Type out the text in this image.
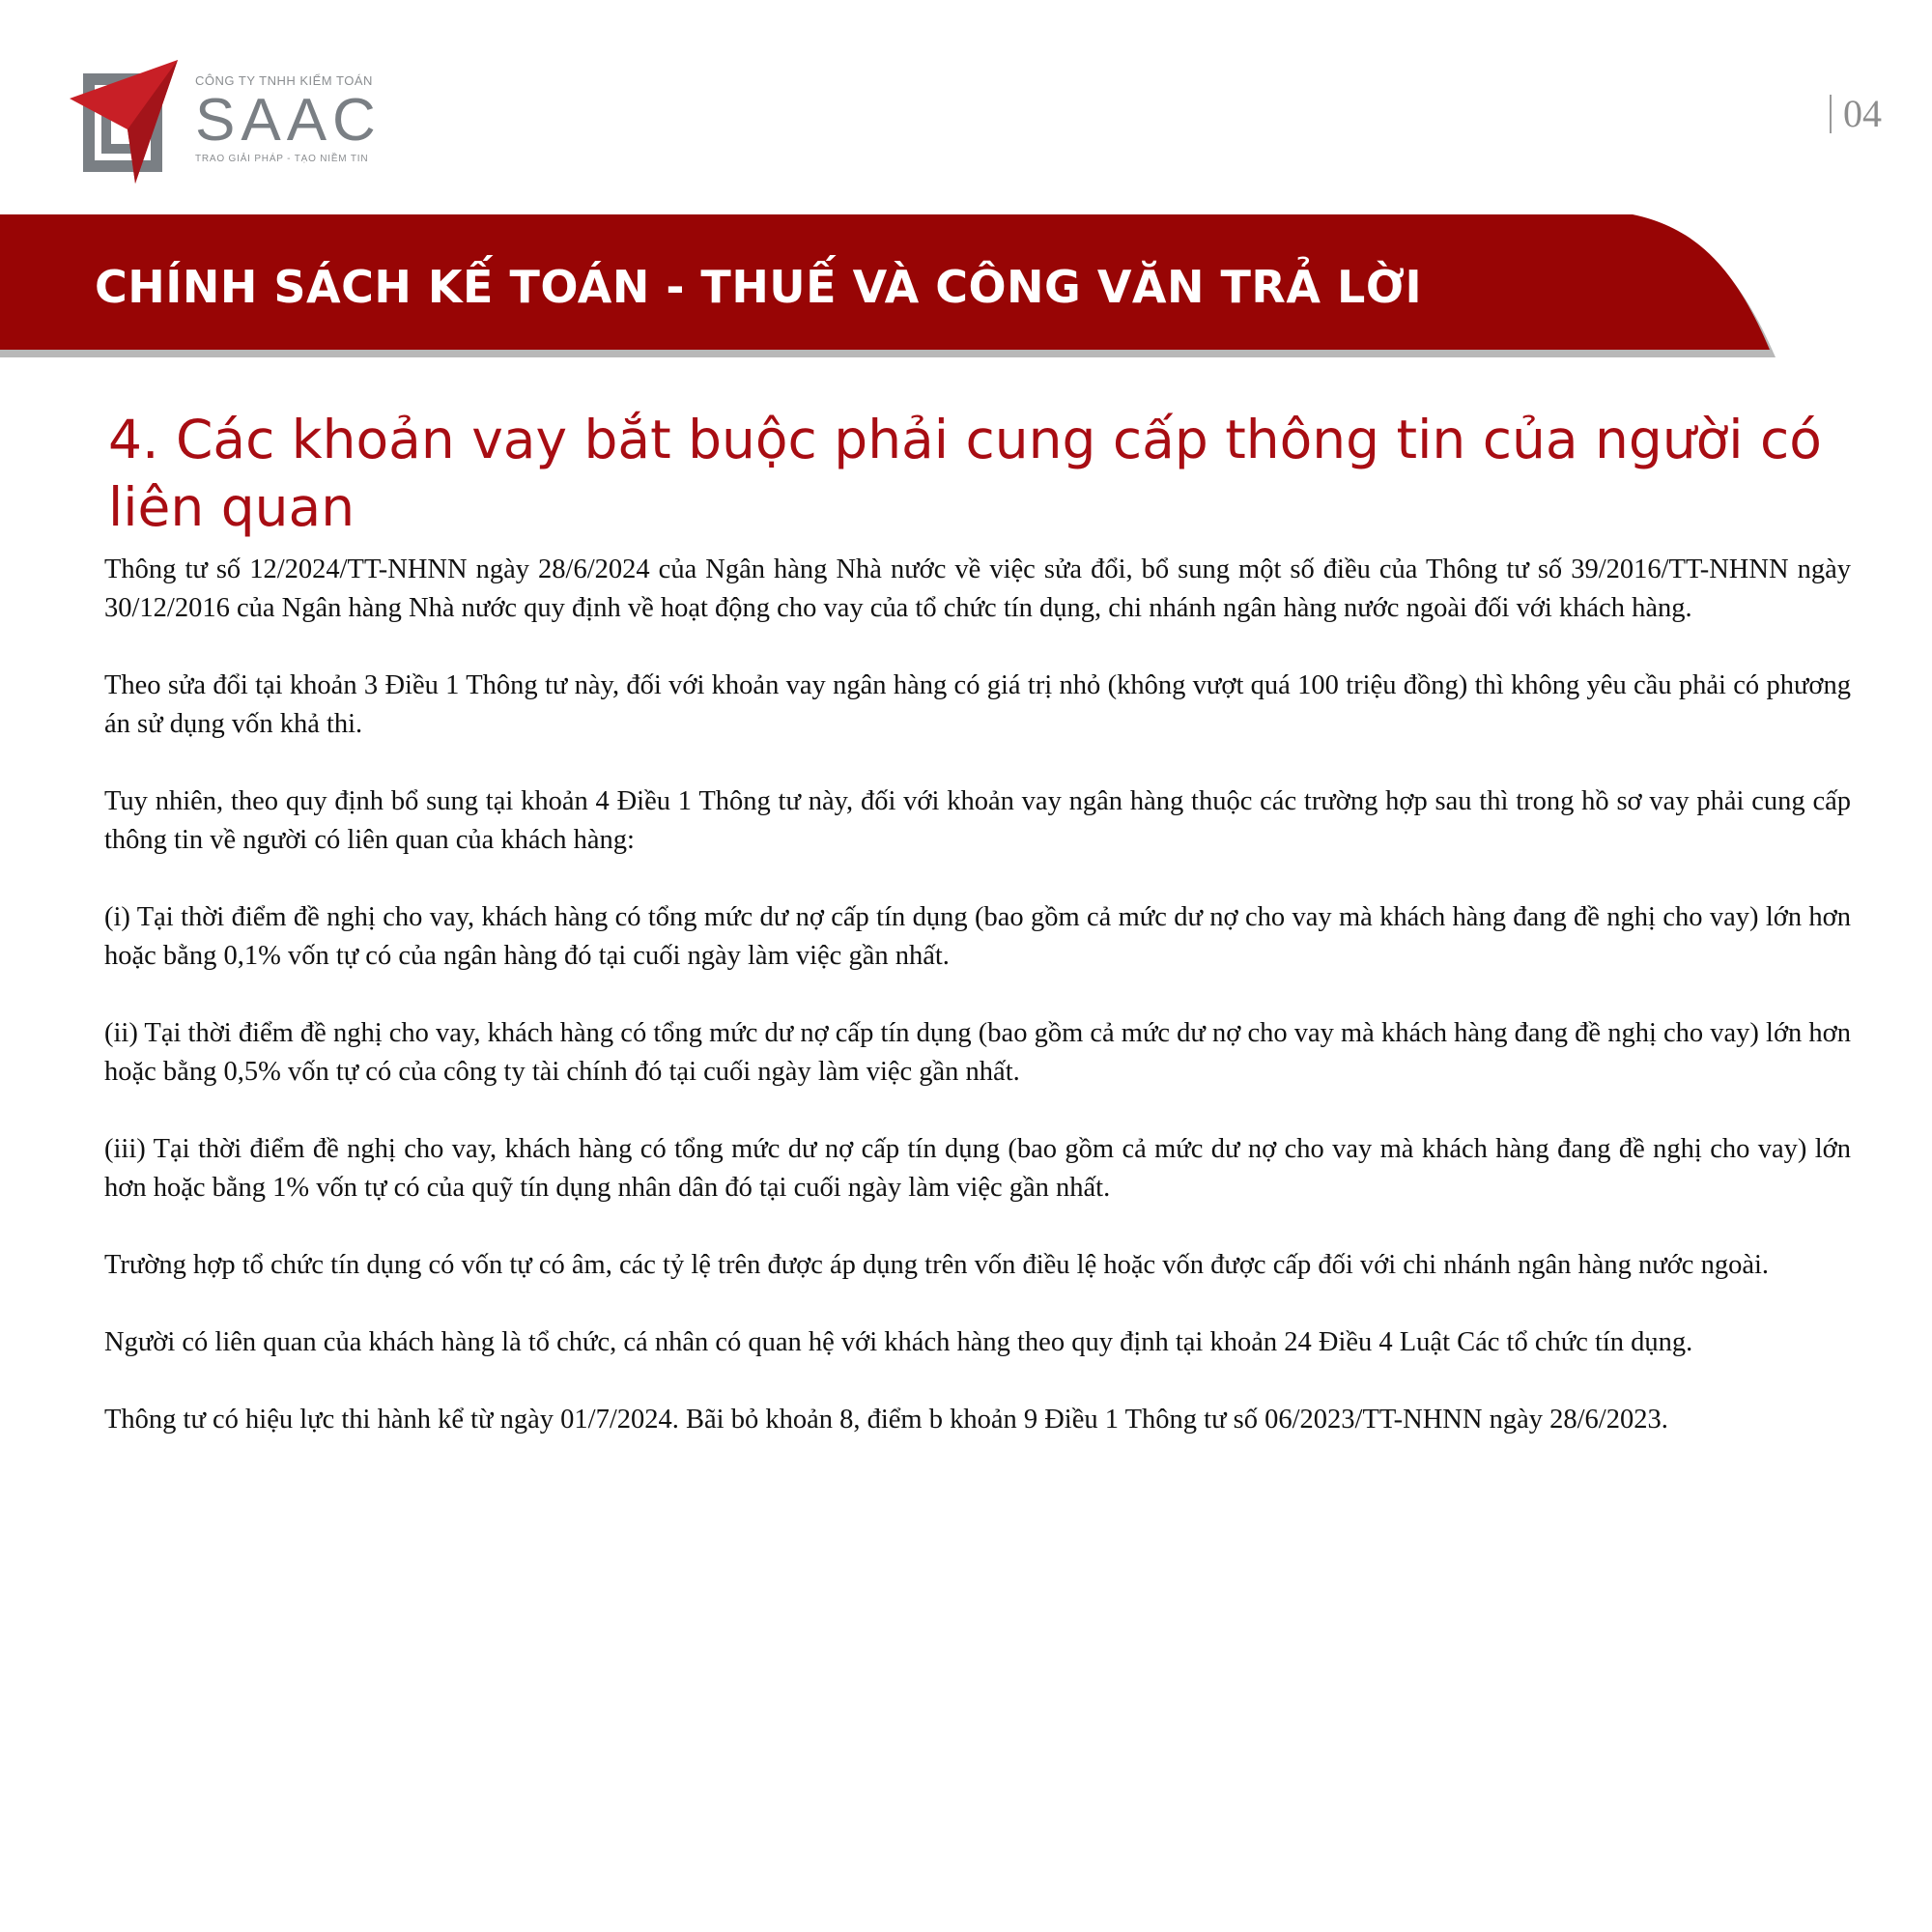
CÔNG TY TNHH KIỂM TOÁN
SAAC
TRAO GIẢI PHÁP - TẠO NIỀM TIN
04
CHÍNH SÁCH KẾ TOÁN - THUẾ VÀ CÔNG VĂN TRẢ LỜI
4. Các khoản vay bắt buộc phải cung cấp thông tin của người có liên quan

Thông tư số 12/2024/TT-NHNN ngày 28/6/2024 của Ngân hàng Nhà nước về việc sửa đổi, bổ sung một số điều của Thông tư số 39/2016/TT-NHNN ngày 30/12/2016 của Ngân hàng Nhà nước quy định về hoạt động cho vay của tổ chức tín dụng, chi nhánh ngân hàng nước ngoài đối với khách hàng.

Theo sửa đổi tại khoản 3 Điều 1 Thông tư này, đối với khoản vay ngân hàng có giá trị nhỏ (không vượt quá 100 triệu đồng) thì không yêu cầu phải có phương án sử dụng vốn khả thi.

Tuy nhiên, theo quy định bổ sung tại khoản 4 Điều 1 Thông tư này, đối với khoản vay ngân hàng thuộc các trường hợp sau thì trong hồ sơ vay phải cung cấp thông tin về người có liên quan của khách hàng:

(i) Tại thời điểm đề nghị cho vay, khách hàng có tổng mức dư nợ cấp tín dụng (bao gồm cả mức dư nợ cho vay mà khách hàng đang đề nghị cho vay) lớn hơn hoặc bằng 0,1% vốn tự có của ngân hàng đó tại cuối ngày làm việc gần nhất.

(ii) Tại thời điểm đề nghị cho vay, khách hàng có tổng mức dư nợ cấp tín dụng (bao gồm cả mức dư nợ cho vay mà khách hàng đang đề nghị cho vay) lớn hơn hoặc bằng 0,5% vốn tự có của công ty tài chính đó tại cuối ngày làm việc gần nhất.

(iii) Tại thời điểm đề nghị cho vay, khách hàng có tổng mức dư nợ cấp tín dụng (bao gồm cả mức dư nợ cho vay mà khách hàng đang đề nghị cho vay) lớn hơn hoặc bằng 1% vốn tự có của quỹ tín dụng nhân dân đó tại cuối ngày làm việc gần nhất.

Trường hợp tổ chức tín dụng có vốn tự có âm, các tỷ lệ trên được áp dụng trên vốn điều lệ hoặc vốn được cấp đối với chi nhánh ngân hàng nước ngoài.

Người có liên quan của khách hàng là tổ chức, cá nhân có quan hệ với khách hàng theo quy định tại khoản 24 Điều 4 Luật Các tổ chức tín dụng.

Thông tư có hiệu lực thi hành kể từ ngày 01/7/2024. Bãi bỏ khoản 8, điểm b khoản 9 Điều 1 Thông tư số 06/2023/TT-NHNN ngày 28/6/2023.
